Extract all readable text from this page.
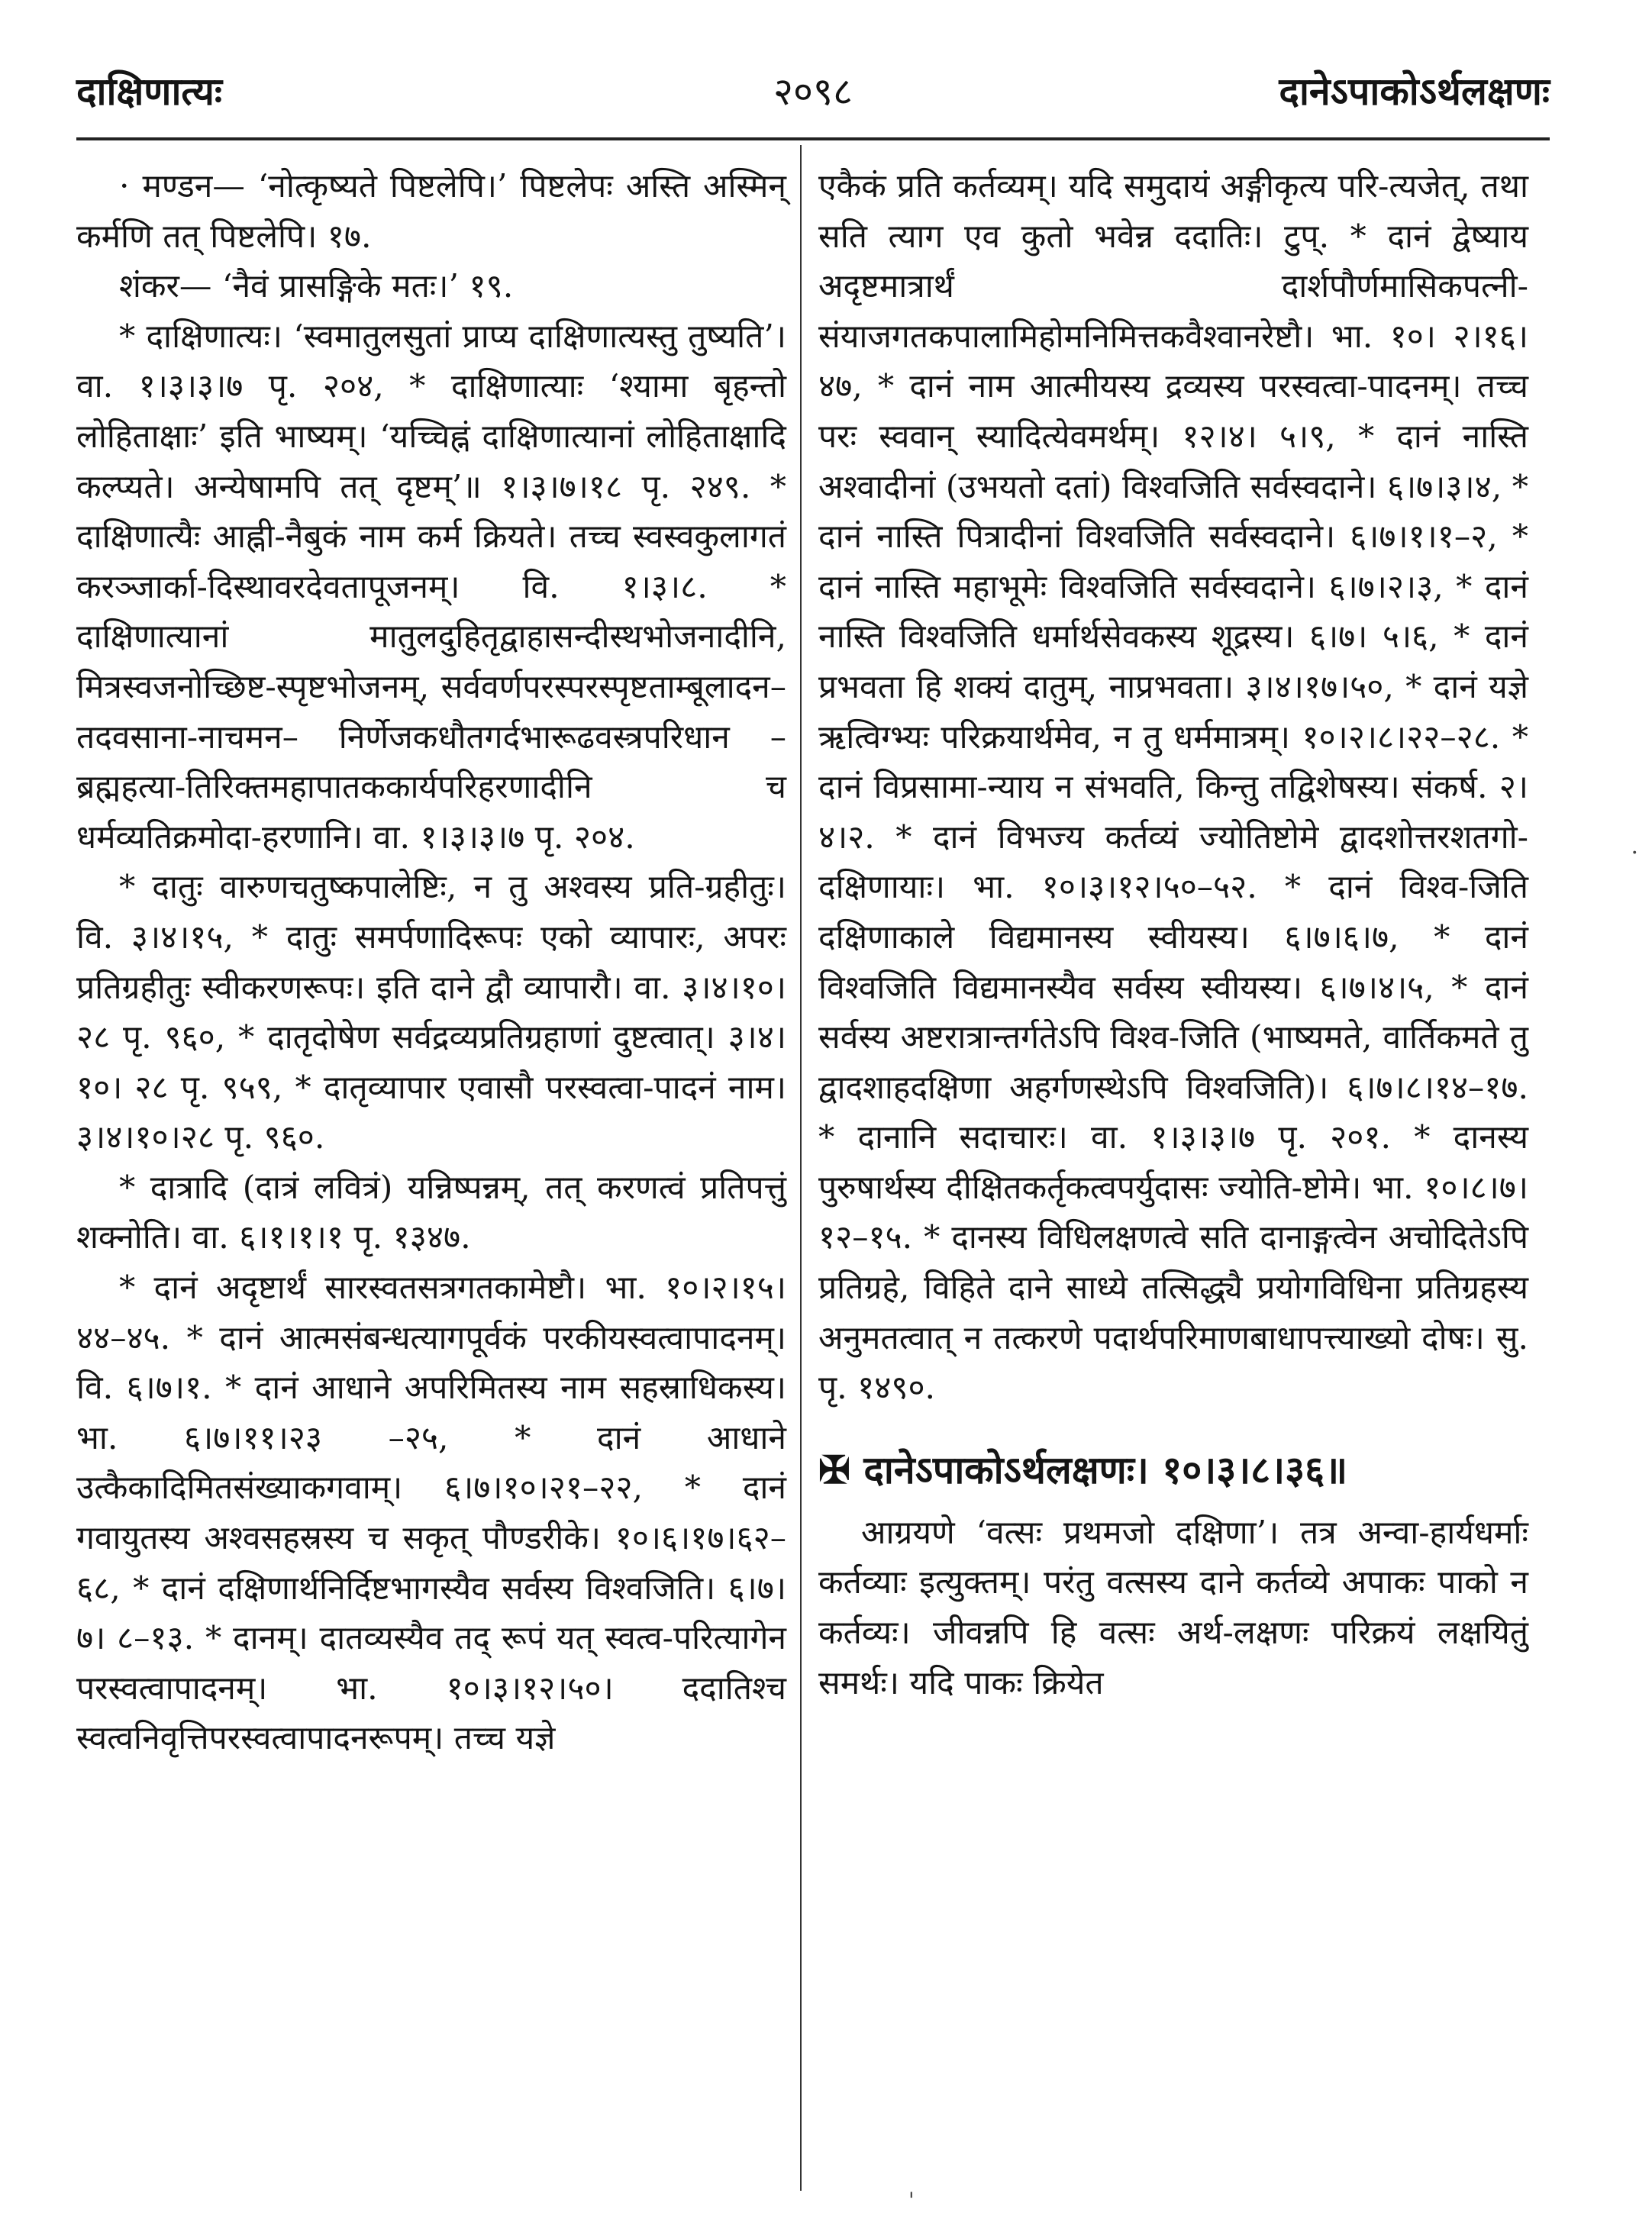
दाक्षिणात्यः	२०९८	दानेऽपाकोऽर्थलक्षणः

· मण्डन— ‘नोत्कृष्यते पिष्टलेपि।’ पिष्टलेपः अस्ति अस्मिन् कर्मणि तत् पिष्टलेपि। १७.

शंकर— ‘नैवं प्रासङ्गिके मतः।’ १९.

* दाक्षिणात्यः। ‘स्वमातुलसुतां प्राप्य दाक्षिणात्यस्तु तुष्यति’। वा. १।३।३।७ पृ. २०४, * दाक्षिणात्याः ‘श्यामा बृहन्तो लोहिताक्षाः’ इति भाष्यम्। ‘यच्चिह्नं दाक्षिणात्यानां लोहिताक्षादि कल्प्यते। अन्येषामपि तत् दृष्टम्’॥ १।३।७।१८ पृ. २४९. * दाक्षिणात्यैः आह्नी-नैबुकं नाम कर्म क्रियते। तच्च स्वस्वकुलागतं करञ्जार्का-दिस्थावरदेवतापूजनम्। वि. १।३।८. * दाक्षिणात्यानां मातुलदुहितृद्वाहासन्दीस्थभोजनादीनि, मित्रस्वजनोच्छिष्ट-स्पृष्टभोजनम्, सर्ववर्णपरस्परस्पृष्टताम्बूलादन–तदवसाना-नाचमन– निर्णेजकधौतगर्दभारूढवस्त्रपरिधान – ब्रह्महत्या-तिरिक्तमहापातककार्यपरिहरणादीनि च धर्मव्यतिक्रमोदा-हरणानि। वा. १।३।३।७ पृ. २०४.

* दातुः वारुणचतुष्कपालेष्टिः, न तु अश्वस्य प्रति-ग्रहीतुः। वि. ३।४।१५, * दातुः समर्पणादिरूपः एको व्यापारः, अपरः प्रतिग्रहीतुः स्वीकरणरूपः। इति दाने द्वौ व्यापारौ। वा. ३।४।१०।२८ पृ. ९६०, * दातृदोषेण सर्वद्रव्यप्रतिग्रहाणां दुष्टत्वात्। ३।४।१०। २८ पृ. ९५९, * दातृव्यापार एवासौ परस्वत्वा-पादनं नाम। ३।४।१०।२८ पृ. ९६०.

* दात्रादि (दात्रं लवित्रं) यन्निष्पन्नम्, तत् करणत्वं प्रतिपत्तुं शक्नोति। वा. ६।१।१।१ पृ. १३४७.

* दानं अदृष्टार्थं सारस्वतसत्रगतकामेष्टौ। भा. १०।२।१५।४४–४५. * दानं आत्मसंबन्धत्यागपूर्वकं परकीयस्वत्वापादनम्। वि. ६।७।१. * दानं आधाने अपरिमितस्य नाम सहस्राधिकस्य। भा. ६।७।११।२३ –२५, * दानं आधाने उत्कैकादिमितसंख्याकगवाम्। ६।७।१०।२१–२२, * दानं गवायुतस्य अश्वसहस्रस्य च सकृत् पौण्डरीके। १०।६।१७।६२–६८, * दानं दक्षिणार्थनिर्दिष्टभागस्यैव सर्वस्य विश्वजिति। ६।७।७। ८–१३. * दानम्। दातव्यस्यैव तद् रूपं यत् स्वत्व-परित्यागेन परस्वत्वापादनम्। भा. १०।३।१२।५०। ददातिश्च स्वत्वनिवृत्तिपरस्वत्वापादनरूपम्। तच्च यज्ञे

एकैकं प्रति कर्तव्यम्। यदि समुदायं अङ्गीकृत्य परि-त्यजेत्, तथा सति त्याग एव कुतो भवेन्न ददातिः। टुप्. * दानं द्वेष्याय अदृष्टमात्रार्थं दार्शपौर्णमासिकपत्नी-संयाजगतकपालामिहोमनिमित्तकवैश्वानरेष्टौ। भा. १०। २।१६।४७, * दानं नाम आत्मीयस्य द्रव्यस्य परस्वत्वा-पादनम्। तच्च परः स्ववान् स्यादित्येवमर्थम्। १२।४। ५।९, * दानं नास्ति अश्वादीनां (उभयतो दतां) विश्वजिति सर्वस्वदाने। ६।७।३।४, * दानं नास्ति पित्रादीनां विश्वजिति सर्वस्वदाने। ६।७।१।१–२, * दानं नास्ति महाभूमेः विश्वजिति सर्वस्वदाने। ६।७।२।३, * दानं नास्ति विश्वजिति धर्मार्थसेवकस्य शूद्रस्य। ६।७। ५।६, * दानं प्रभवता हि शक्यं दातुम्, नाप्रभवता। ३।४।१७।५०, * दानं यज्ञे ऋत्विग्भ्यः परिक्रयार्थमेव, न तु धर्ममात्रम्। १०।२।८।२२–२८. * दानं विप्रसामा-न्याय न संभवति, किन्तु तद्विशेषस्य। संकर्ष. २।४।२. * दानं विभज्य कर्तव्यं ज्योतिष्टोमे द्वादशोत्तरशतगो-दक्षिणायाः। भा. १०।३।१२।५०–५२. * दानं विश्व-जिति दक्षिणाकाले विद्यमानस्य स्वीयस्य। ६।७।६।७, * दानं विश्वजिति विद्यमानस्यैव सर्वस्य स्वीयस्य। ६।७।४।५, * दानं सर्वस्य अष्टरात्रान्तर्गतेऽपि विश्व-जिति (भाष्यमते, वार्तिकमते तु द्वादशाहदक्षिणा अहर्गणस्थेऽपि विश्वजिति)। ६।७।८।१४–१७. * दानानि सदाचारः। वा. १।३।३।७ पृ. २०१. * दानस्य पुरुषार्थस्य दीक्षितकर्तृकत्वपर्युदासः ज्योति-ष्टोमे। भा. १०।८।७।१२–१५. * दानस्य विधिलक्षणत्वे सति दानाङ्गत्वेन अचोदितेऽपि प्रतिग्रहे, विहिते दाने साध्ये तत्सिद्ध्यै प्रयोगविधिना प्रतिग्रहस्य अनुमतत्वात् न तत्करणे पदार्थपरिमाणबाधापत्त्याख्यो दोषः। सु. पृ. १४९०.

✠ दानेऽपाकोऽर्थलक्षणः। १०।३।८।३६॥

आग्रयणे ‘वत्सः प्रथमजो दक्षिणा’। तत्र अन्वा-हार्यधर्माः कर्तव्याः इत्युक्तम्। परंतु वत्सस्य दाने कर्तव्ये अपाकः पाको न कर्तव्यः। जीवन्नपि हि वत्सः अर्थ-लक्षणः परिक्रयं लक्षयितुं समर्थः। यदि पाकः क्रियेत

·
'
